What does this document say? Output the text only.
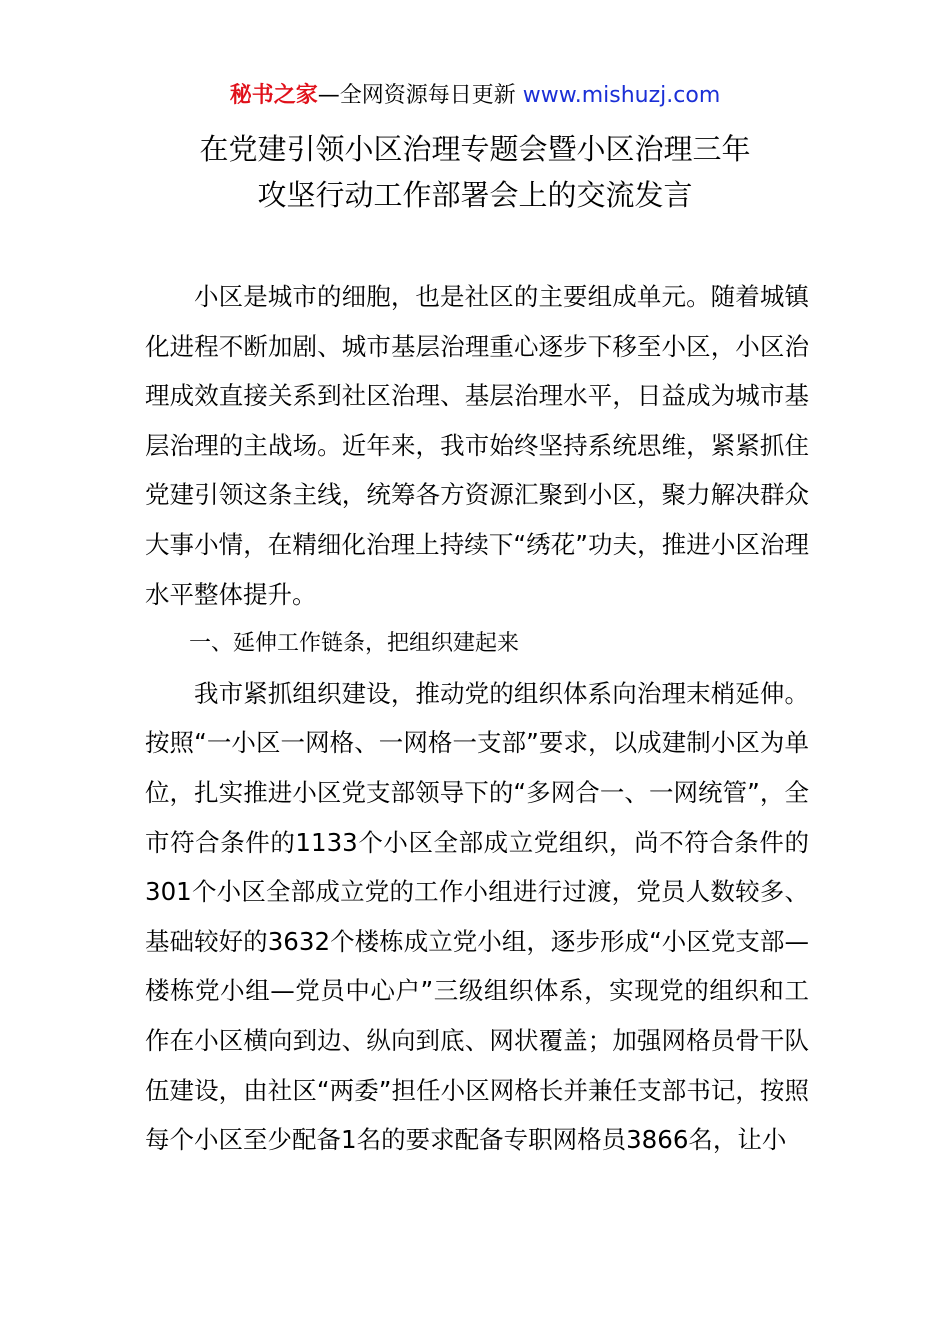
秘书之家—全网资源每日更新 www.mishuzj.com
在党建引领小区治理专题会暨小区治理三年
攻坚行动工作部署会上的交流发言

小区是城市的细胞，也是社区的主要组成单元。随着城镇化进程不断加剧、城市基层治理重心逐步下移至小区，小区治理成效直接关系到社区治理、基层治理水平，日益成为城市基层治理的主战场。近年来，我市始终坚持系统思维，紧紧抓住党建引领这条主线，统筹各方资源汇聚到小区，聚力解决群众大事小情，在精细化治理上持续下“绣花”功夫，推进小区治理水平整体提升。

一、延伸工作链条，把组织建起来

我市紧抓组织建设，推动党的组织体系向治理末梢延伸。按照“一小区一网格、一网格一支部”要求，以成建制小区为单位，扎实推进小区党支部领导下的“多网合一、一网统管”，全市符合条件的1133个小区全部成立党组织，尚不符合条件的301个小区全部成立党的工作小组进行过渡，党员人数较多、基础较好的3632个楼栋成立党小组，逐步形成“小区党支部—楼栋党小组—党员中心户”三级组织体系，实现党的组织和工作在小区横向到边、纵向到底、网状覆盖；加强网格员骨干队伍建设，由社区“两委”担任小区网格长并兼任支部书记，按照每个小区至少配备1名的要求配备专职网格员3866名，让小
